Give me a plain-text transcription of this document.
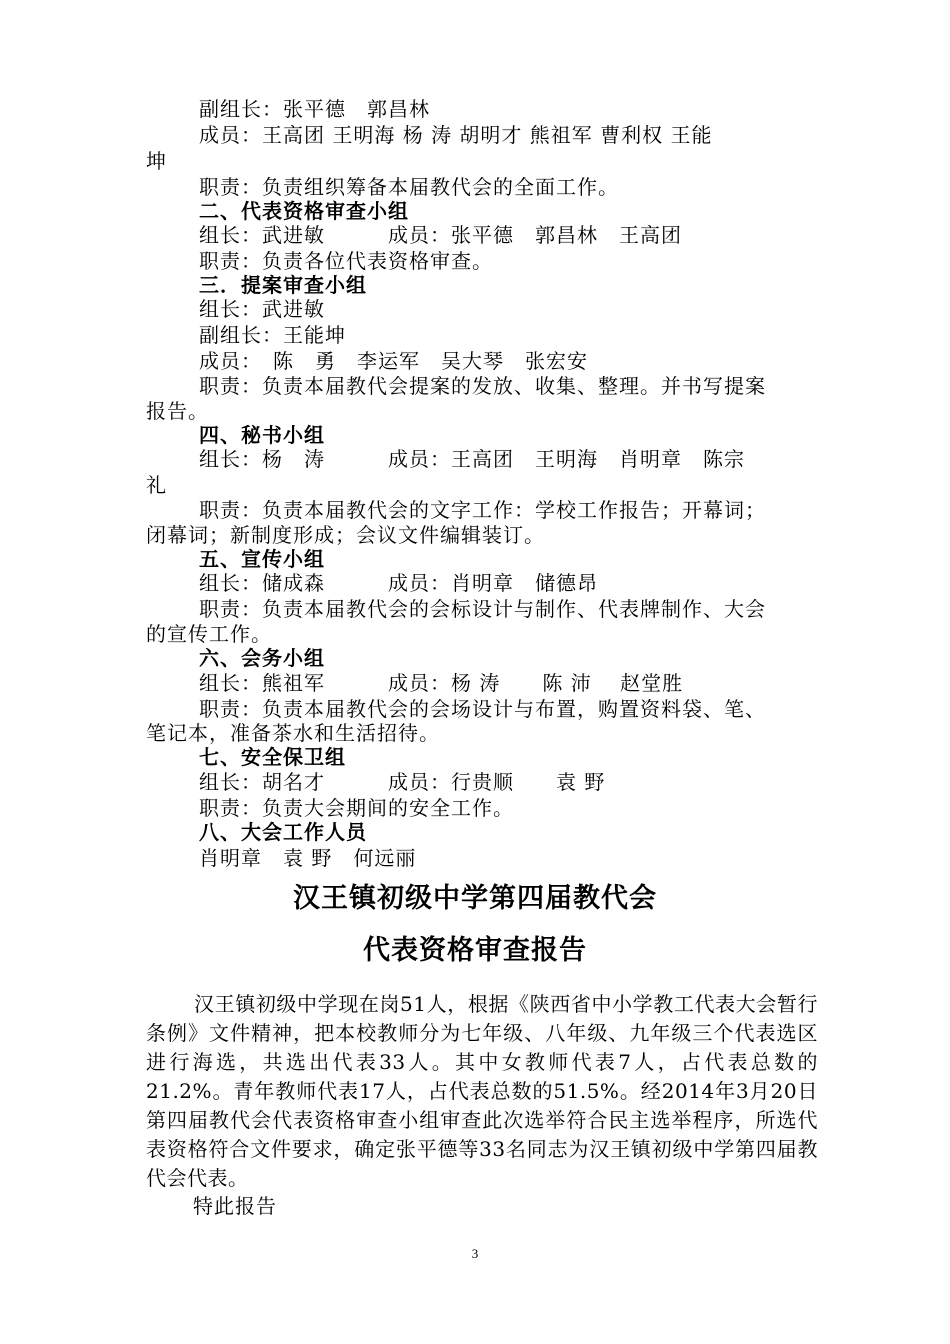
副组长：张平德　郭昌林
成员：王高团 王明海 杨 涛 胡明才 熊祖军 曹利权 王能
坤
职责：负责组织筹备本届教代会的全面工作。
二、代表资格审查小组
组长：武进敏　　　成员：张平德　郭昌林　王高团
职责：负责各位代表资格审查。
三．提案审查小组
组长：武进敏
副组长：王能坤
成员：　陈　勇　李运军　吴大琴　张宏安
职责：负责本届教代会提案的发放、收集、整理。并书写提案
报告。
四、秘书小组
组长：杨　涛　　　成员：王高团　王明海　肖明章　陈宗
礼
职责：负责本届教代会的文字工作：学校工作报告；开幕词；
闭幕词；新制度形成；会议文件编辑装订。
五、宣传小组
组长：储成森　　　成员：肖明章　储德昂
职责：负责本届教代会的会标设计与制作、代表牌制作、大会
的宣传工作。
六、会务小组
组长：熊祖军　　　成员：杨 涛　　陈 沛　 赵堂胜
职责：负责本届教代会的会场设计与布置，购置资料袋、笔、
笔记本，准备茶水和生活招待。
七、安全保卫组
组长：胡名才　　　成员：行贵顺　　袁 野
职责：负责大会期间的安全工作。
八、大会工作人员
肖明章　袁 野　何远丽
汉王镇初级中学第四届教代会
代表资格审查报告
汉王镇初级中学现在岗51人，根据《陕西省中小学教工代表大会暂行条例》文件精神，把本校教师分为七年级、八年级、九年级三个代表选区进行海选，共选出代表33人。其中女教师代表7人，占代表总数的21.2%。青年教师代表17人，占代表总数的51.5%。经2014年3月20日第四届教代会代表资格审查小组审查此次选举符合民主选举程序，所选代表资格符合文件要求，确定张平德等33名同志为汉王镇初级中学第四届教代会代表。
特此报告
3
